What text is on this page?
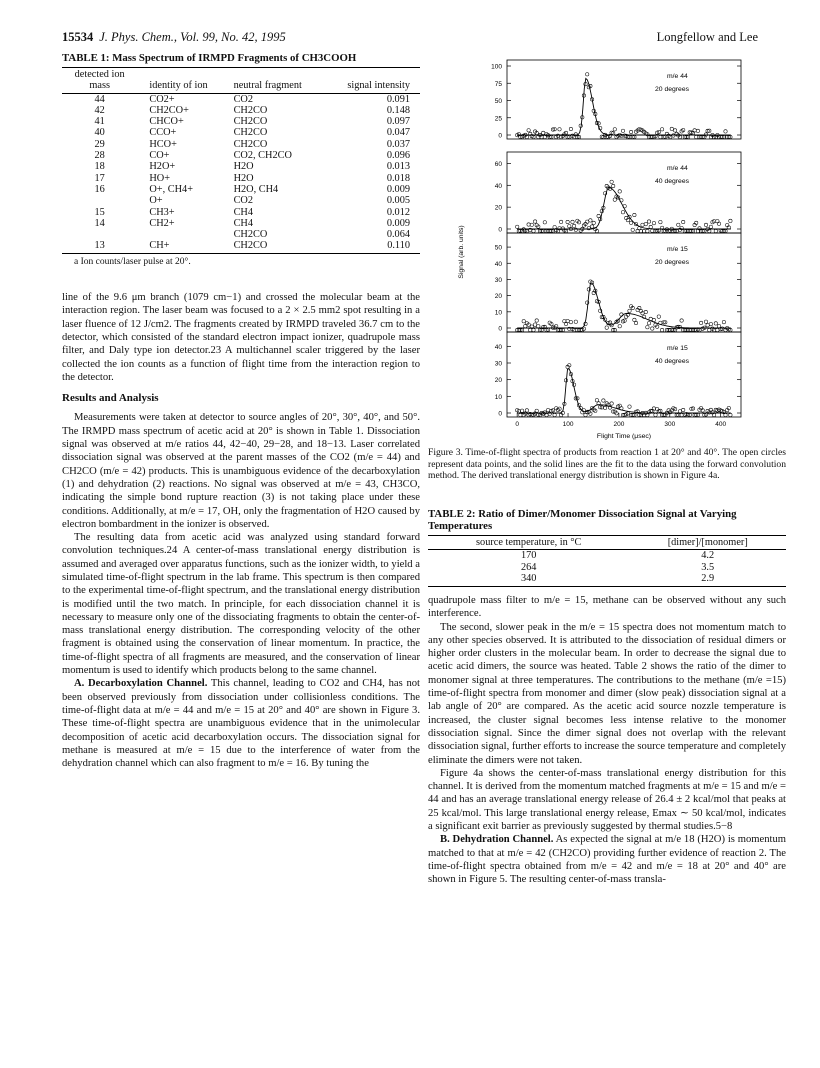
15534 J. Phys. Chem., Vol. 99, No. 42, 1995	Longfellow and Lee
TABLE 1: Mass Spectrum of IRMPD Fragments of CH3COOH
detected ion mass	identity of ion	neutral fragment	signal intensity
44	CO2+	CO2	0.091
42	CH2CO+	CH2CO	0.148
41	CHCO+	CH2CO	0.097
40	CCO+	CH2CO	0.047
29	HCO+	CH2CO	0.037
28	CO+	CO2, CH2CO	0.096
18	H2O+	H2O	0.013
17	HO+	H2O	0.018
16	O+, CH4+	H2O, CH4	0.009
	O+	CO2	0.005
15	CH3+	CH4	0.012
14	CH2+	CH4	0.009
		CH2CO	0.064
13	CH+	CH2CO	0.110
a Ion counts/laser pulse at 20°.

line of the 9.6 μm branch (1079 cm−1) and crossed the molecular beam at the interaction region. The laser beam was focused to a 2 × 2.5 mm2 spot resulting in a laser fluence of 12 J/cm2. The fragments created by IRMPD traveled 36.7 cm to the detector, which consisted of the standard electron impact ionizer, quadrupole mass filter, and Daly type ion detector.23 A multichannel scaler triggered by the laser collected the ion counts as a function of flight time from the interaction region to the detector.

Results and Analysis

Measurements were taken at detector to source angles of 20°, 30°, 40°, and 50°. The IRMPD mass spectrum of acetic acid at 20° is shown in Table 1. Dissociation signal was observed at m/e ratios 44, 42−40, 29−28, and 18−13. Laser correlated dissociation signal was observed at the parent masses of the CO2 (m/e = 44) and CH2CO (m/e = 42) products. This is unambiguous evidence of the decarboxylation (1) and dehydration (2) reactions. No signal was observed at m/e = 43, CH3CO, indicating the simple bond rupture reaction (3) is not taking place under these conditions. Additionally, at m/e = 17, OH, only the fragmentation of H2O caused by electron bombardment in the ionizer is observed.

The resulting data from acetic acid was analyzed using standard forward convolution techniques.24 A center-of-mass translational energy distribution is assumed and averaged over apparatus functions, such as the ionizer width, to yield a simulated time-of-flight spectrum in the lab frame. This spectrum is then compared to the experimental time-of-flight spectrum, and the translational energy distribution is modified until the two match. In principle, for each dissociation channel it is necessary to measure only one of the dissociating fragments to obtain the center-of-mass translational energy distribution. The corresponding velocity of the other fragment is obtained using the conservation of linear momentum. In practice, the time-of-flight spectra of all fragments are measured, and the conservation of linear momentum is used to identify which products belong to the same channel.

A. Decarboxylation Channel. This channel, leading to CO2 and CH4, has not been observed previously from dissociation under collisionless conditions. The time-of-flight data at m/e = 44 and m/e = 15 at 20° and 40° are shown in Figure 3. These time-of-flight spectra are unambiguous evidence that in the unimolecular decomposition of acetic acid decarboxylation occurs. The dissociation signal for methane is measured at m/e = 15 due to the interference of water from the dehydration channel which can also fragment to m/e = 16. By tuning the

100
75
50
25
0
m/e 44
20 degrees
60
40
20
0
m/e 44
40 degrees
50
40
30
20
10
0
m/e 15
20 degrees
40
30
20
10
0
m/e 15
40 degrees
0	100	200	300	400
Flight Time (μsec)
Signal (arb. units)
Figure 3. Time-of-flight spectra of products from reaction 1 at 20° and 40°. The open circles represent data points, and the solid lines are the fit to the data using the forward convolution method. The derived translational energy distribution is shown in Figure 4a.
TABLE 2: Ratio of Dimer/Monomer Dissociation Signal at Varying Temperatures
source temperature, in °C	[dimer]/[monomer]
170	4.2
264	3.5
340	2.9

quadrupole mass filter to m/e = 15, methane can be observed without any such interference.

The second, slower peak in the m/e = 15 spectra does not momentum match to any other species observed. It is attributed to the dissociation of residual dimers or higher order clusters in the molecular beam. In order to decrease the signal due to acetic acid dimers, the source was heated. Table 2 shows the ratio of the dimer to monomer signal at three temperatures. The contributions to the methane (m/e =15) time-of-flight spectra from monomer and dimer (slow peak) dissociation signal at a lab angle of 20° are compared. As the acetic acid source nozzle temperature is increased, the cluster signal becomes less intense relative to the monomer dissociation signal. Since the dimer signal does not overlap with the relevant dissociation signal, further efforts to increase the source temperature and completely eliminate the dimers were not taken.

Figure 4a shows the center-of-mass translational energy distribution for this channel. It is derived from the momentum matched fragments at m/e = 15 and m/e = 44 and has an average translational energy release of 26.4 ± 2 kcal/mol that peaks at 25 kcal/mol. This large translational energy release, Emax ∼ 50 kcal/mol, indicates a significant exit barrier as previously suggested by thermal studies.5−8

B. Dehydration Channel. As expected the signal at m/e 18 (H2O) is momentum matched to that at m/e = 42 (CH2CO) providing further evidence of reaction 2. The time-of-flight spectra obtained from m/e = 42 and m/e = 18 at 20° and 40° are shown in Figure 5. The resulting center-of-mass transla-
